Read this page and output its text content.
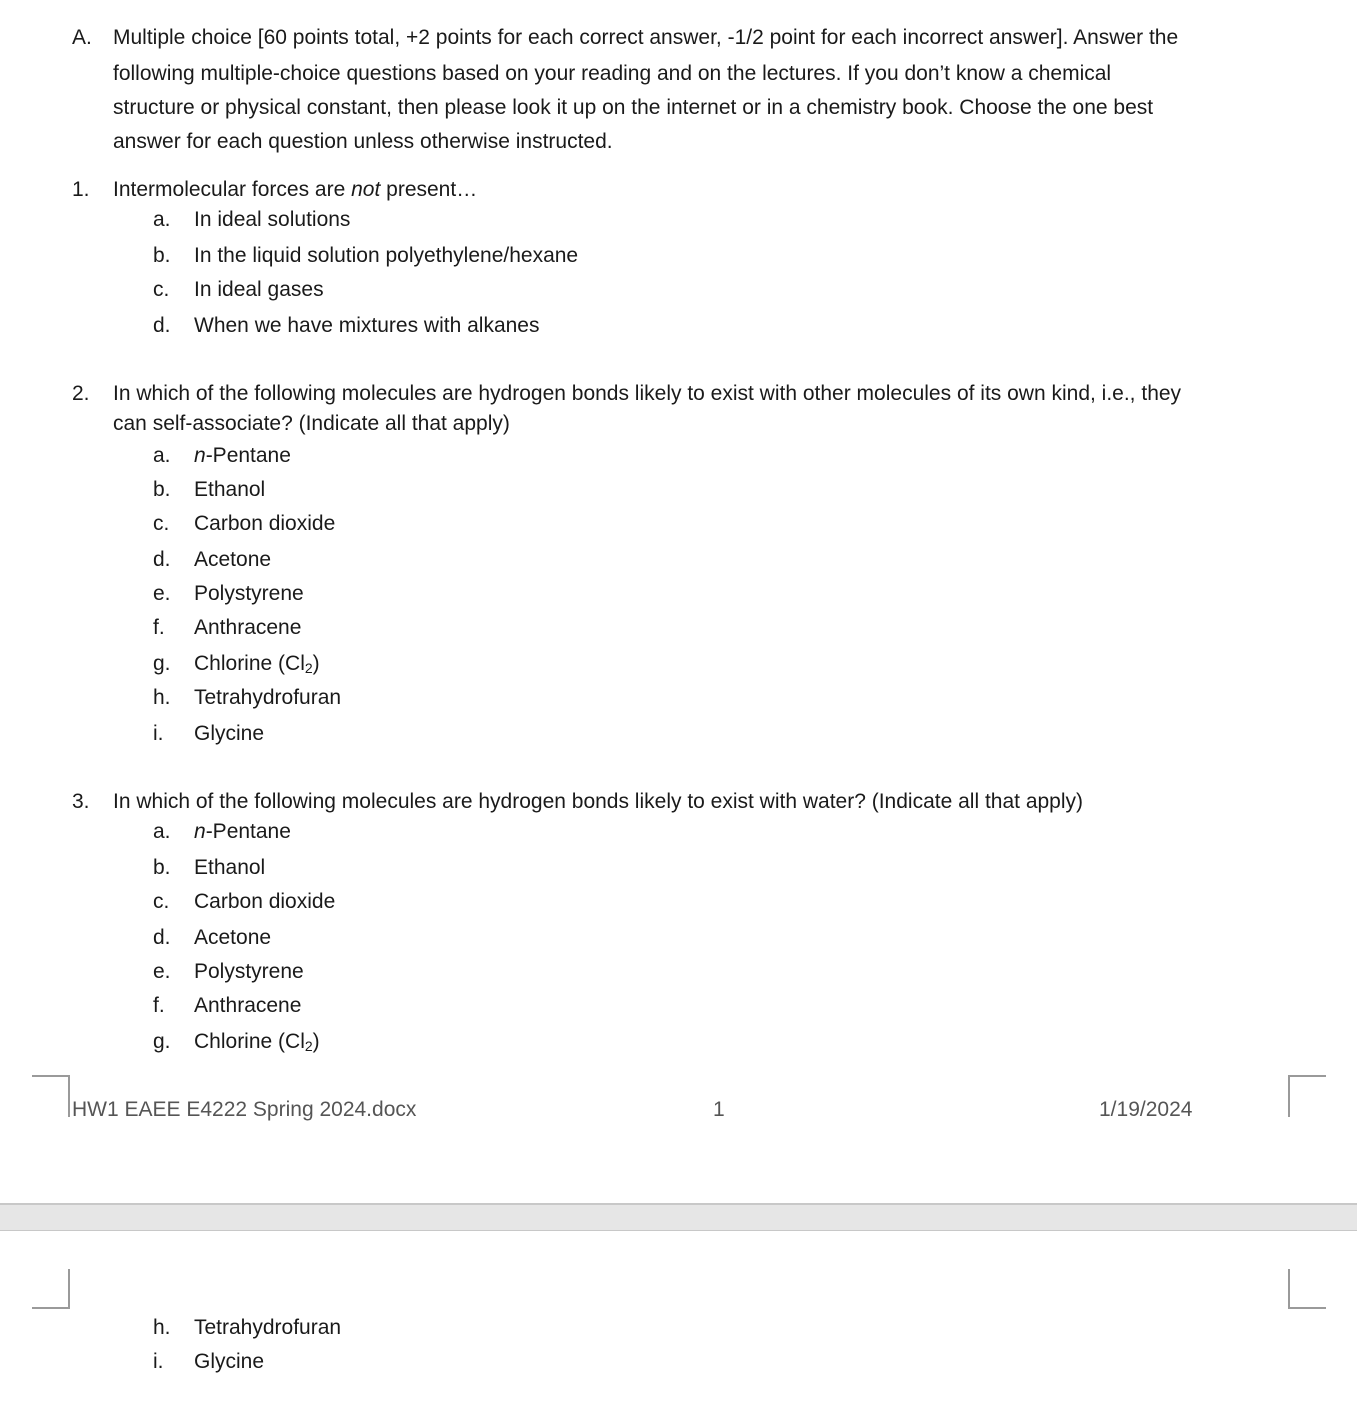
A. Multiple choice [60 points total, +2 points for each correct answer, -1/2 point for each incorrect answer]. Answer the
following multiple-choice questions based on your reading and on the lectures. If you don’t know a chemical
structure or physical constant, then please look it up on the internet or in a chemistry book. Choose the one best
answer for each question unless otherwise instructed.
1. Intermolecular forces are not present…
a.	In ideal solutions
b.	In the liquid solution polyethylene/hexane
c.	In ideal gases
d.	When we have mixtures with alkanes
2. In which of the following molecules are hydrogen bonds likely to exist with other molecules of its own kind, i.e., they
can self-associate? (Indicate all that apply)
a.	n-Pentane
b.	Ethanol
c.	Carbon dioxide
d.	Acetone
e.	Polystyrene
f.	Anthracene
g.	Chlorine $(Cl_2)$
h.	Tetrahydrofuran
i.	Glycine
3. In which of the following molecules are hydrogen bonds likely to exist with water? (Indicate all that apply)
a.	n-Pentane
b.	Ethanol
c.	Carbon dioxide
d.	Acetone
e.	Polystyrene
f.	Anthracene
g.	Chlorine $(Cl_2)$
HW1 EAEE E4222 Spring 2024.docx	1	1/19/2024
h.	Tetrahydrofuran
i.	Glycine
